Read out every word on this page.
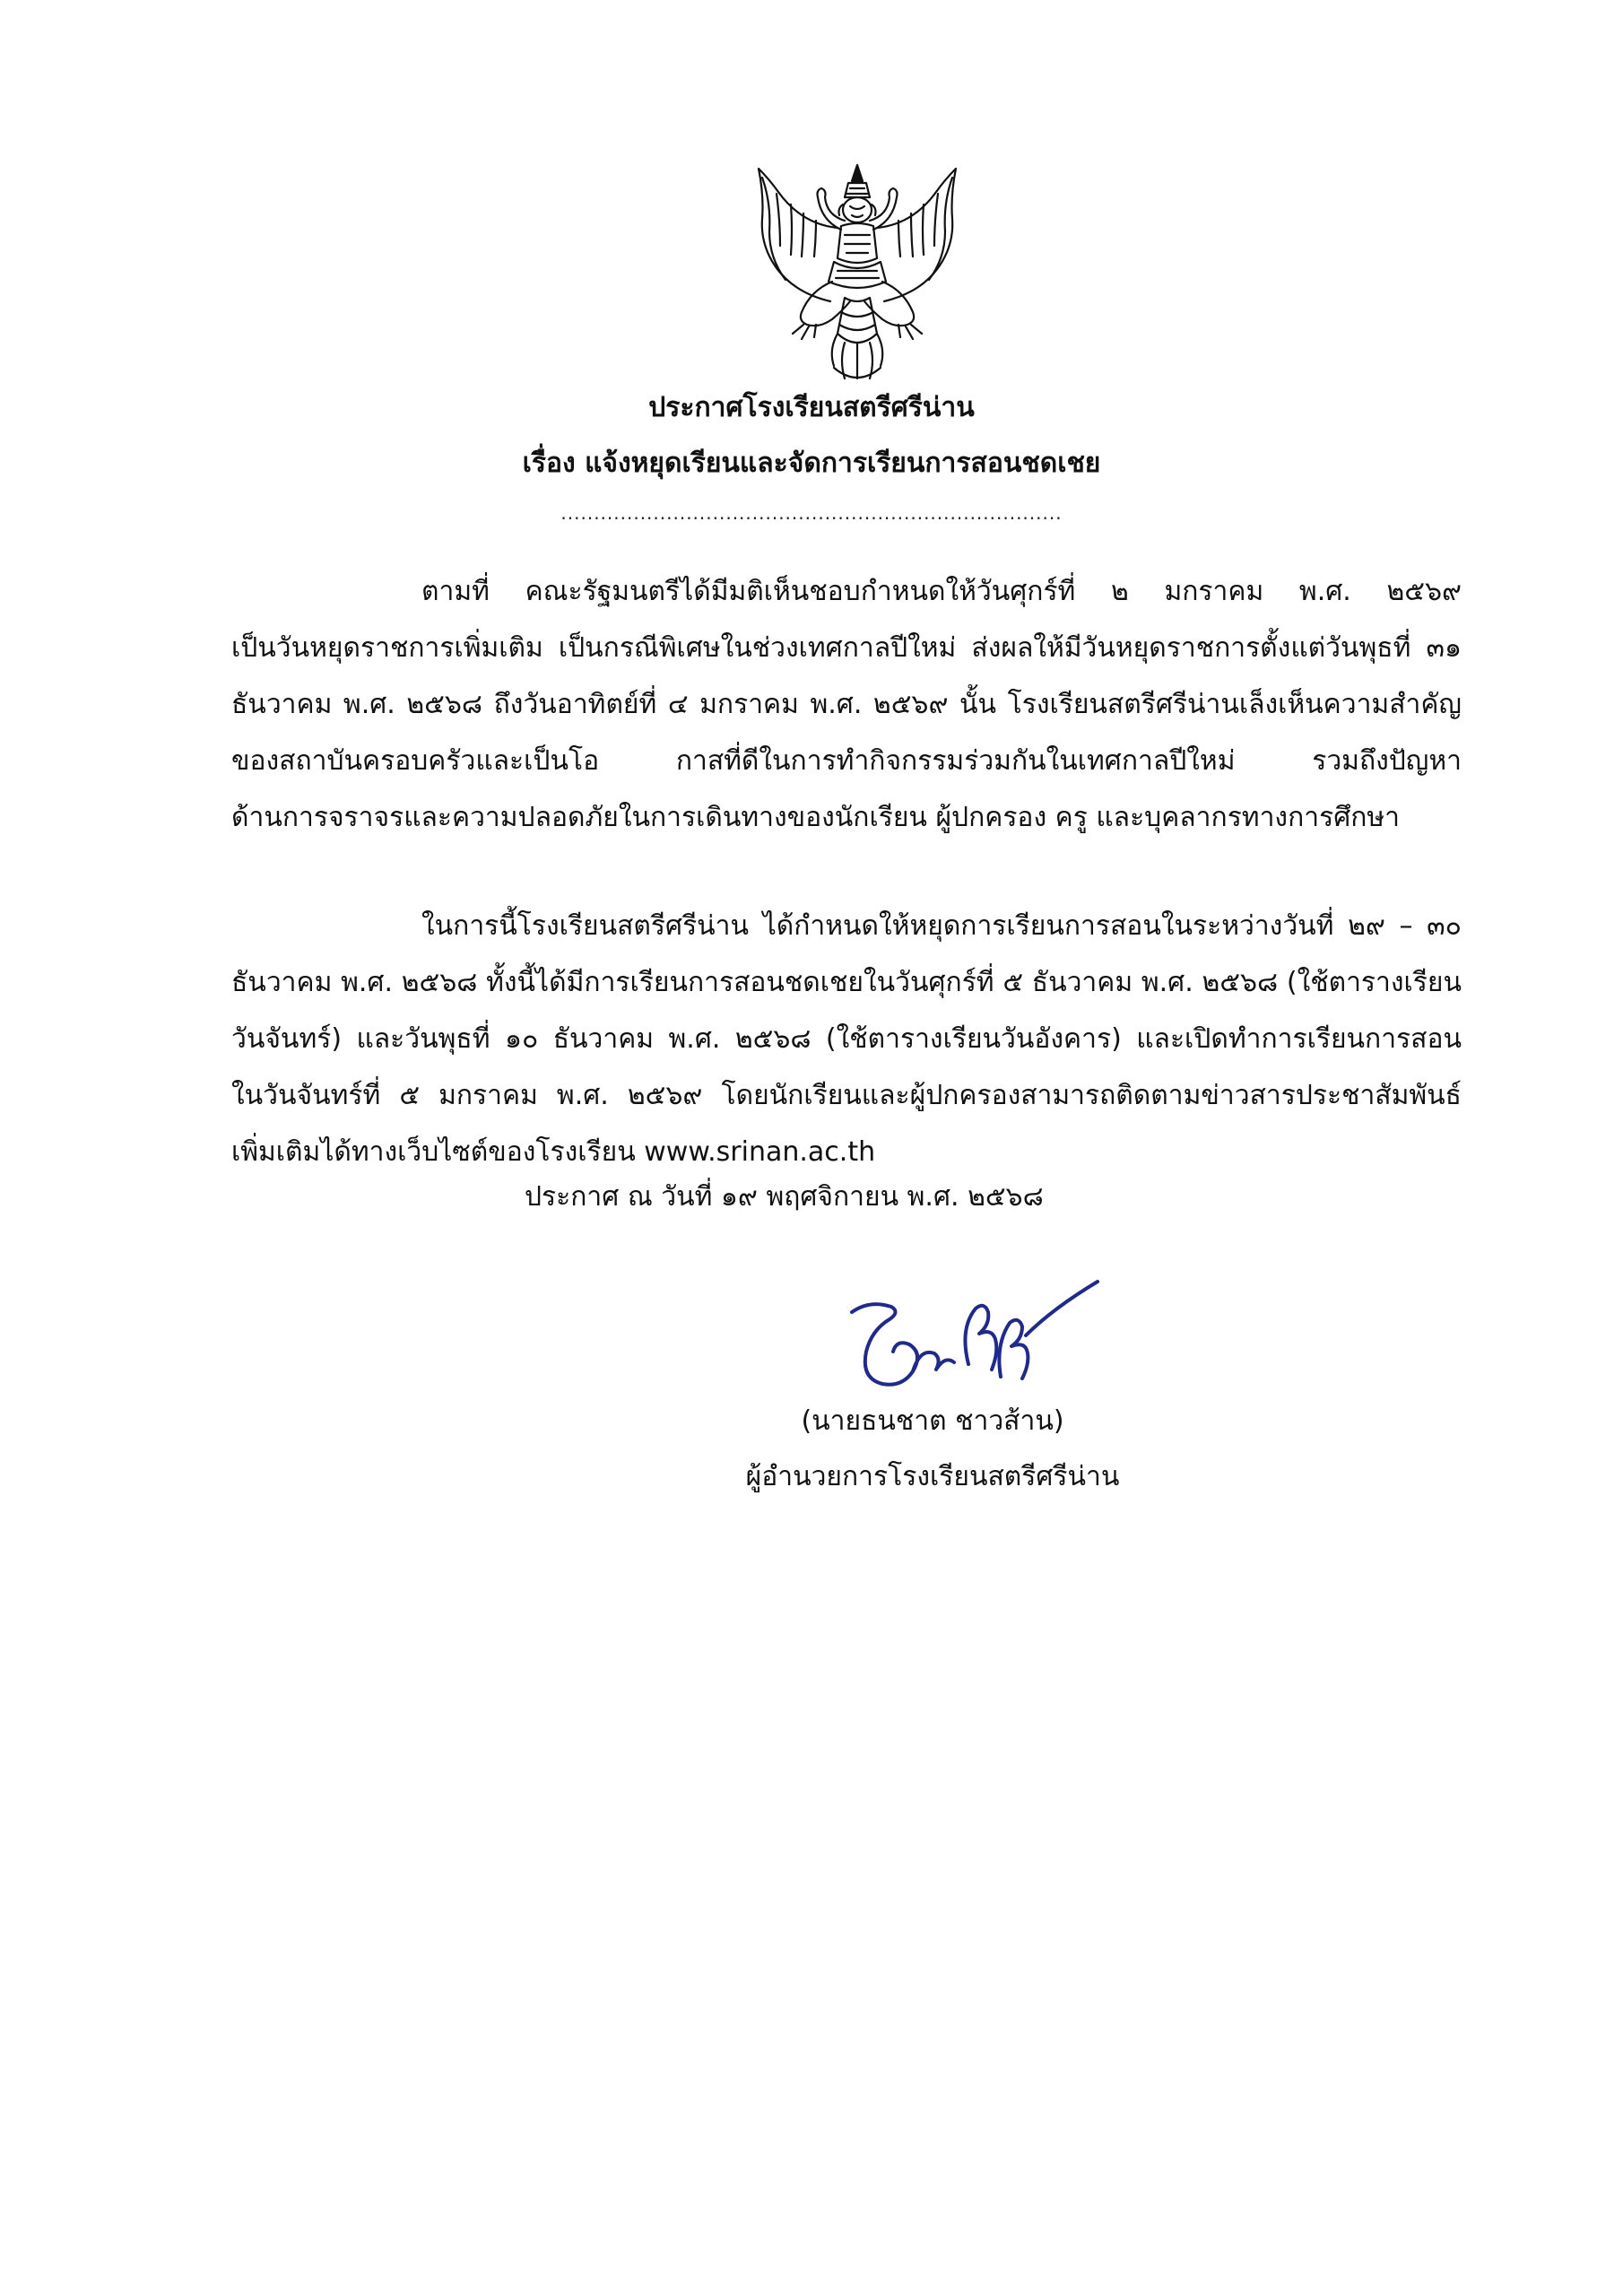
ประกาศโรงเรียนสตรีศรีน่าน
เรื่อง แจ้งหยุดเรียนและจัดการเรียนการสอนชดเชย
............................................................................
ตามที่ คณะรัฐมนตรีได้มีมติเห็นชอบกำหนดให้วันศุกร์ที่ ๒ มกราคม พ.ศ. ๒๕๖๙
เป็นวันหยุดราชการเพิ่มเติม เป็นกรณีพิเศษในช่วงเทศกาลปีใหม่ ส่งผลให้มีวันหยุดราชการตั้งแต่วันพุธที่ ๓๑
ธันวาคม พ.ศ. ๒๕๖๘ ถึงวันอาทิตย์ที่ ๔ มกราคม พ.ศ. ๒๕๖๙ นั้น โรงเรียนสตรีศรีน่านเล็งเห็นความสำคัญ
ของสถาบันครอบครัวและเป็นโอ กาสที่ดีในการทำกิจกรรมร่วมกันในเทศกาลปีใหม่ รวมถึงปัญหา
ด้านการจราจรและความปลอดภัยในการเดินทางของนักเรียน ผู้ปกครอง ครู และบุคลากรทางการศึกษา
ในการนี้โรงเรียนสตรีศรีน่าน ได้กำหนดให้หยุดการเรียนการสอนในระหว่างวันที่ ๒๙ – ๓๐
ธันวาคม พ.ศ. ๒๕๖๘ ทั้งนี้ได้มีการเรียนการสอนชดเชยในวันศุกร์ที่ ๕ ธันวาคม พ.ศ. ๒๕๖๘ (ใช้ตารางเรียน
วันจันทร์) และวันพุธที่ ๑๐ ธันวาคม พ.ศ. ๒๕๖๘ (ใช้ตารางเรียนวันอังคาร) และเปิดทำการเรียนการสอน
ในวันจันทร์ที่ ๕ มกราคม พ.ศ. ๒๕๖๙ โดยนักเรียนและผู้ปกครองสามารถติดตามข่าวสารประชาสัมพันธ์
เพิ่มเติมได้ทางเว็บไซต์ของโรงเรียน www.srinan.ac.th
ประกาศ ณ วันที่ ๑๙ พฤศจิกายน พ.ศ. ๒๕๖๘
(นายธนชาต ชาวส้าน)
ผู้อำนวยการโรงเรียนสตรีศรีน่าน
